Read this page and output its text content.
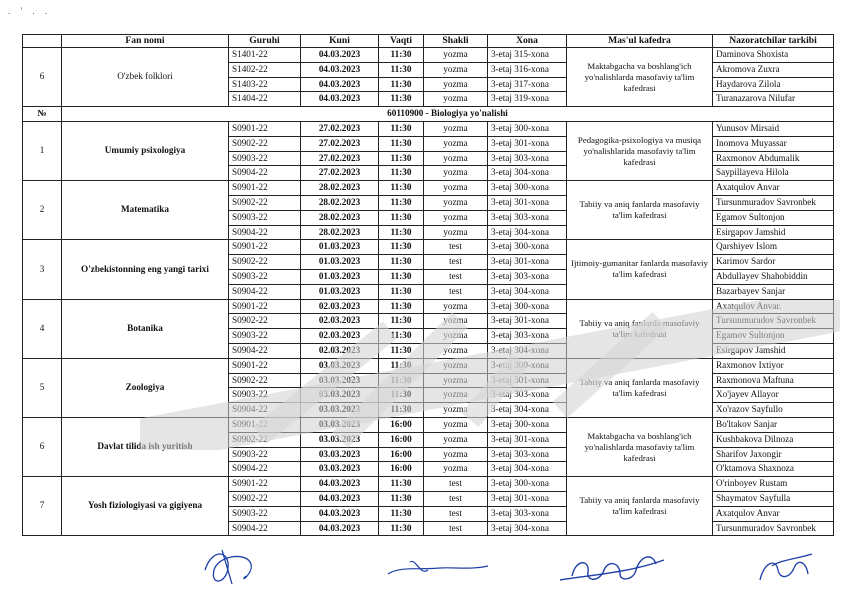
. ' . .
	Fan nomi	Guruhi	Kuni	Vaqti	Shakli	Xona	Mas'ul kafedra	Nazoratchilar tarkibi
6	O'zbek folklori	S1401-22	04.03.2023	11:30	yozma	3-etaj 315-xona	Maktabgacha va boshlang'ich yo'nalishlarda masofaviy ta'lim kafedrasi	Daminova Shoxista
		S1402-22	04.03.2023	11:30	yozma	3-etaj 316-xona		Akromova Zuxra
		S1403-22	04.03.2023	11:30	yozma	3-etaj 317-xona		Haydarova Zilola
		S1404-22	04.03.2023	11:30	yozma	3-etaj 319-xona		Turanazarova Nilufar
№	60110900 - Biologiya yo'nalishi							
1	Umumiy psixologiya	S0901-22	27.02.2023	11:30	yozma	3-etaj 300-xona	Pedagogika-psixologiya va musiqa yo'nalishlarida masofaviy ta'lim kafedrasi	Yunusov Mirsaid
		S0902-22	27.02.2023	11:30	yozma	3-etaj 301-xona		Inomova Muyassar
		S0903-22	27.02.2023	11:30	yozma	3-etaj 303-xona		Raxmonov Abdumalik
		S0904-22	27.02.2023	11:30	yozma	3-etaj 304-xona		Saypillayeva Hilola
2	Matematika	S0901-22	28.02.2023	11:30	yozma	3-etaj 300-xona	Tabiiy va aniq fanlarda masofaviy ta'lim kafedrasi	Axatqulov Anvar
		S0902-22	28.02.2023	11:30	yozma	3-etaj 301-xona		Tursunmuradov Savronbek
		S0903-22	28.02.2023	11:30	yozma	3-etaj 303-xona		Egamov Sultonjon
		S0904-22	28.02.2023	11:30	yozma	3-etaj 304-xona		Esirgapov Jamshid
3	O'zbekistonning eng yangi tarixi	S0901-22	01.03.2023	11:30	test	3-etaj 300-xona	Ijtimoiy-gumanitar fanlarda masofaviy ta'lim kafedrasi	Qarshiyev Islom
		S0902-22	01.03.2023	11:30	test	3-etaj 301-xona		Karimov Sardor
		S0903-22	01.03.2023	11:30	test	3-etaj 303-xona		Abdullayev Shahobiddin
		S0904-22	01.03.2023	11:30	test	3-etaj 304-xona		Bazarbayev Sanjar
4	Botanika	S0901-22	02.03.2023	11:30	yozma	3-etaj 300-xona	Tabiiy va aniq fanlarda masofaviy ta'lim kafedrasi	Axatqulov Anvar.
		S0902-22	02.03.2023	11:30	yozma	3-etaj 301-xona		Tursunmuradov Savronbek
		S0903-22	02.03.2023	11:30	yozma	3-etaj 303-xona		Egamov Sultonjon
		S0904-22	02.03.2023	11:30	yozma	3-etaj 304-xona		Esirgapov Jamshid
5	Zoologiya	S0901-22	03.03.2023	11:30	yozma	3-etaj 300-xona	Tabiiy va aniq fanlarda masofaviy ta'lim kafedrasi	Raxmonov Ixtiyor
		S0902-22	03.03.2023	11:30	yozma	3-etaj 301-xona		Raxmonova Maftuna
		S0903-22	03.03.2023	11:30	yozma	3-etaj 303-xona		Xo'jayev Allayor
		S0904-22	03.03.2023	11:30	yozma	3-etaj 304-xona		Xo'razov Sayfullo
6	Davlat tilida ish yuritish	S0901-22	03.03.2023	16:00	yozma	3-etaj 300-xona	Maktabgacha va boshlang'ich yo'nalishlarda masofaviy ta'lim kafedrasi	Bo'ltakov Sanjar
		S0902-22	03.03.2023	16:00	yozma	3-etaj 301-xona		Kushbakova Dilnoza
		S0903-22	03.03.2023	16:00	yozma	3-etaj 303-xona		Sharifov Jaxongir
		S0904-22	03.03.2023	16:00	yozma	3-etaj 304-xona		O'ktamova Shaxnoza
7	Yosh fiziologiyasi va gigiyena	S0901-22	04.03.2023	11:30	test	3-etaj 300-xona	Tabiiy va aniq fanlarda masofaviy ta'lim kafedrasi	O'rinboyev Rustam
		S0902-22	04.03.2023	11:30	test	3-etaj 301-xona		Shaymatov Sayfulla
		S0903-22	04.03.2023	11:30	test	3-etaj 303-xona		Axatqulov Anvar
		S0904-22	04.03.2023	11:30	test	3-etaj 304-xona		Tursunmuradov Savronbek
